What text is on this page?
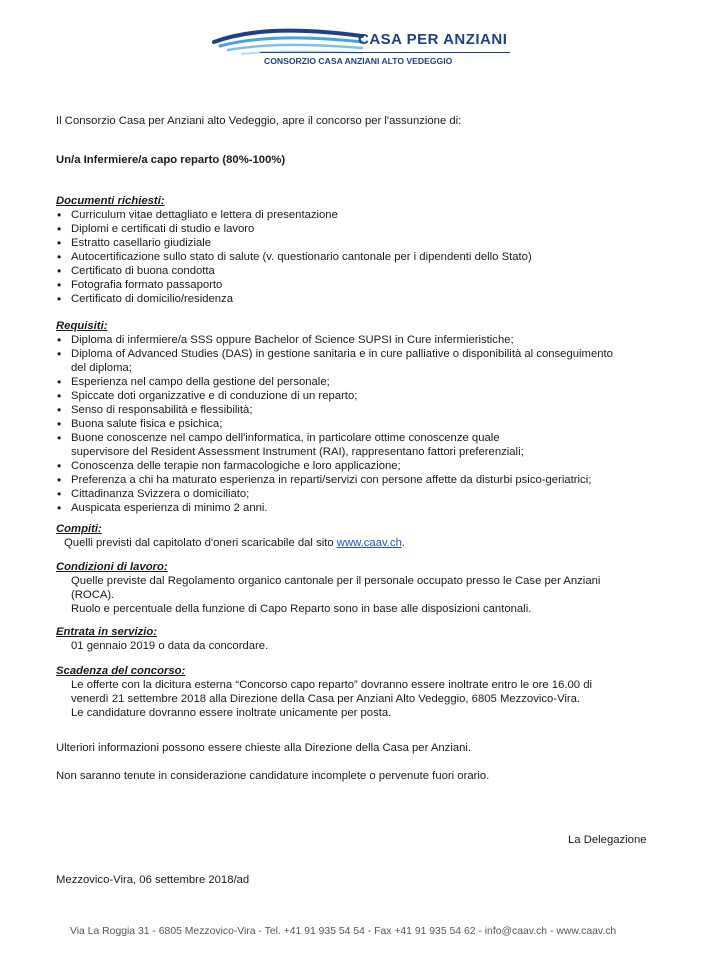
CASA PER ANZIANI
CONSORZIO CASA ANZIANI ALTO VEDEGGIO
Il Consorzio Casa per Anziani alto Vedeggio, apre il concorso per l'assunzione di:
Un/a Infermiere/a capo reparto (80%-100%)
Documenti richiesti:
• Curriculum vitae dettagliato e lettera di presentazione
• Diplomi e certificati di studio e lavoro
• Estratto casellario giudiziale
• Autocertificazione sullo stato di salute (v. questionario cantonale per i dipendenti dello Stato)
• Certificato di buona condotta
• Fotografia formato passaporto
• Certificato di domicilio/residenza
Requisiti:
• Diploma di infermiere/a SSS oppure Bachelor of Science SUPSI in Cure infermieristiche;
• Diploma of Advanced Studies (DAS) in gestione sanitaria e in cure palliative o disponibilità al conseguimento
del diploma;
• Esperienza nel campo della gestione del personale;
• Spiccate doti organizzative e di conduzione di un reparto;
• Senso di responsabilità e flessibilità;
• Buona salute fisica e psichica;
• Buone conoscenze nel campo dell'informatica, in particolare ottime conoscenze quale
supervisore del Resident Assessment Instrument (RAI), rappresentano fattori preferenziali;
• Conoscenza delle terapie non farmacologiche e loro applicazione;
• Preferenza a chi ha maturato esperienza in reparti/servizi con persone affette da disturbi psico-geriatrici;
• Cittadinanza Svizzera o domiciliato;
• Auspicata esperienza di minimo 2 anni.
Compiti:
Quelli previsti dal capitolato d'oneri scaricabile dal sito www.caav.ch.
Condizioni di lavoro:
Quelle previste dal Regolamento organico cantonale per il personale occupato presso le Case per Anziani
(ROCA).
Ruolo e percentuale della funzione di Capo Reparto sono in base alle disposizioni cantonali.
Entrata in servizio:
01 gennaio 2019 o data da concordare.
Scadenza del concorso:
Le offerte con la dicitura esterna “Concorso capo reparto” dovranno essere inoltrate entro le ore 16.00 di
venerdì 21 settembre 2018 alla Direzione della Casa per Anziani Alto Vedeggio, 6805 Mezzovico-Vira.
Le candidature dovranno essere inoltrate unicamente per posta.
Ulteriori informazioni possono essere chieste alla Direzione della Casa per Anziani.
Non saranno tenute in considerazione candidature incomplete o pervenute fuori orario.
La Delegazione
Mezzovico-Vira, 06 settembre 2018/ad
Via La Roggia 31 - 6805 Mezzovico-Vira - Tel. +41 91 935 54 54 - Fax +41 91 935 54 62 - info@caav.ch - www.caav.ch
